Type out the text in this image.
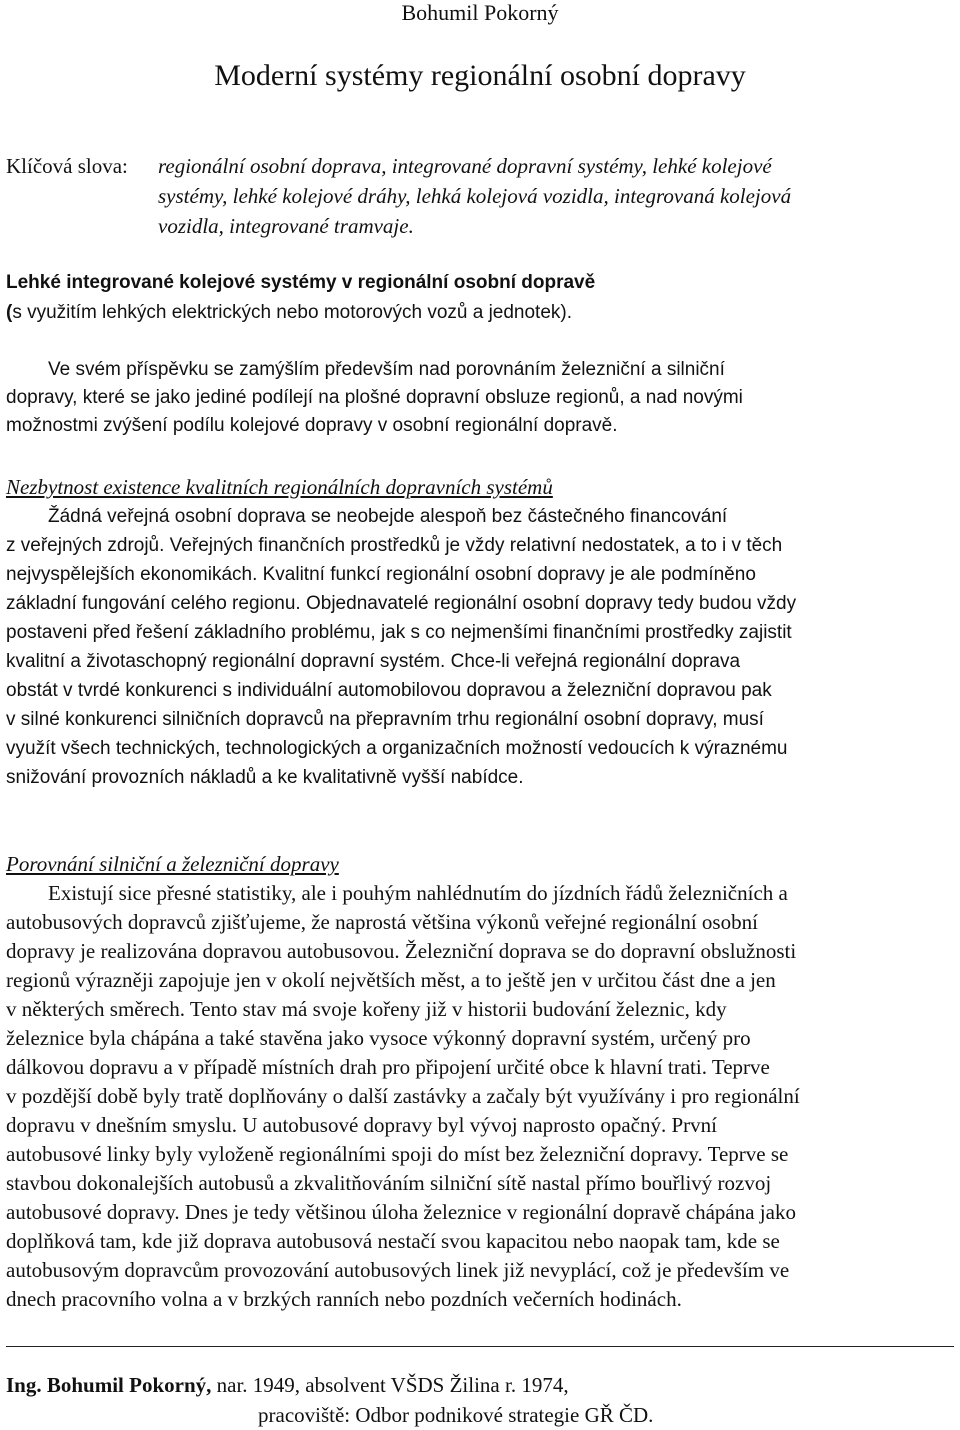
Bohumil Pokorný
Moderní systémy regionální osobní dopravy
Klíčová slova: regionální osobní doprava, integrované dopravní systémy, lehké kolejové
systémy, lehké kolejové dráhy, lehká kolejová vozidla, integrovaná kolejová
vozidla, integrované tramvaje.
Lehké integrované kolejové systémy v regionální osobní dopravě
(s využitím lehkých elektrických nebo motorových vozů a jednotek).
Ve svém příspěvku se zamýšlím především nad porovnáním železniční a silniční
dopravy, které se jako jediné podílejí na plošné dopravní obsluze regionů, a nad novými
možnostmi zvýšení podílu kolejové dopravy v osobní regionální dopravě.
Nezbytnost existence kvalitních regionálních dopravních systémů
Žádná veřejná osobní doprava se neobejde alespoň bez částečného financování
z veřejných zdrojů. Veřejných finančních prostředků je vždy relativní nedostatek, a to i v těch
nejvyspělejších ekonomikách. Kvalitní funkcí regionální osobní dopravy je ale podmíněno
základní fungování celého regionu. Objednavatelé regionální osobní dopravy tedy budou vždy
postaveni před řešení základního problému, jak s co nejmenšími finančními prostředky zajistit
kvalitní a životaschopný regionální dopravní systém. Chce-li veřejná regionální doprava
obstát v tvrdé konkurenci s individuální automobilovou dopravou a železniční dopravou pak
v silné konkurenci silničních dopravců na přepravním trhu regionální osobní dopravy, musí
využít všech technických, technologických a organizačních možností vedoucích k výraznému
snižování provozních nákladů a ke kvalitativně vyšší nabídce.
Porovnání silniční a železniční dopravy
Existují sice přesné statistiky, ale i pouhým nahlédnutím do jízdních řádů železničních a
autobusových dopravců zjišťujeme, že naprostá většina výkonů veřejné regionální osobní
dopravy je realizována dopravou autobusovou. Železniční doprava se do dopravní obslužnosti
regionů výrazněji zapojuje jen v okolí největších měst, a to ještě jen v určitou část dne a jen
v některých směrech. Tento stav má svoje kořeny již v historii budování železnic, kdy
železnice byla chápána a také stavěna jako vysoce výkonný dopravní systém, určený pro
dálkovou dopravu a v případě místních drah pro připojení určité obce k hlavní trati. Teprve
v pozdější době byly tratě doplňovány o další zastávky a začaly být využívány i pro regionální
dopravu v dnešním smyslu. U autobusové dopravy byl vývoj naprosto opačný. První
autobusové linky byly vyloženě regionálními spoji do míst bez železniční dopravy. Teprve se
stavbou dokonalejších autobusů a zkvalitňováním silniční sítě nastal přímo bouřlivý rozvoj
autobusové dopravy. Dnes je tedy většinou úloha železnice v regionální dopravě chápána jako
doplňková tam, kde již doprava autobusová nestačí svou kapacitou nebo naopak tam, kde se
autobusovým dopravcům provozování autobusových linek již nevyplácí, což je především ve
dnech pracovního volna a v brzkých ranních nebo pozdních večerních hodinách.
Ing. Bohumil Pokorný, nar. 1949, absolvent VŠDS Žilina r. 1974,
pracoviště: Odbor podnikové strategie GŘ ČD.
